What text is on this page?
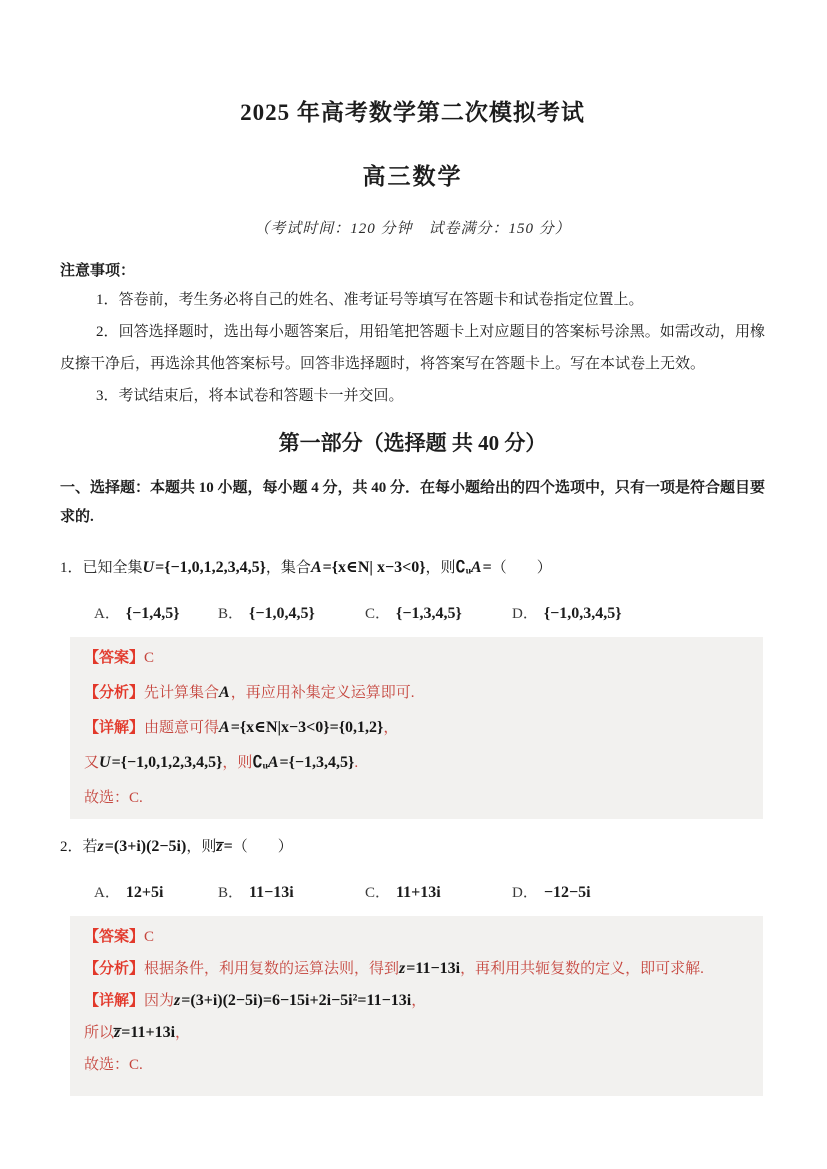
2025 年高考数学第二次模拟考试
高三数学
（考试时间：120 分钟　试卷满分：150 分）
注意事项：

1．答卷前，考生务必将自己的姓名、准考证号等填写在答题卡和试卷指定位置上。

2．回答选择题时，选出每小题答案后，用铅笔把答题卡上对应题目的答案标号涂黑。如需改动，用橡皮擦干净后，再选涂其他答案标号。回答非选择题时，将答案写在答题卡上。写在本试卷上无效。

3．考试结束后，将本试卷和答题卡一并交回。

第一部分（选择题 共 40 分）
一、选择题：本题共 10 小题，每小题 4 分，共 40 分．在每小题给出的四个选项中，只有一项是符合题目要求的.
1．已知全集U={−1,0,1,2,3,4,5}，集合A={x∈N| x−3<0}，则∁ᵤA=（　　）
A． {−1,4,5}	B． {−1,0,4,5}	C． {−1,3,4,5}	D． {−1,0,3,4,5}
【答案】C
【分析】先计算集合A，再应用补集定义运算即可.
【详解】由题意可得A={x∈N|x−3<0}={0,1,2}，
又U={−1,0,1,2,3,4,5}，则∁ᵤA={−1,3,4,5}.
故选：C.
2．若z=(3+i)(2−5i)，则z̅=（　　）
A． 12+5i	B． 11−13i	C． 11+13i	D． −12−5i
【答案】C
【分析】根据条件，利用复数的运算法则，得到z=11−13i，再利用共轭复数的定义，即可求解.
【详解】因为z=(3+i)(2−5i)=6−15i+2i−5i²=11−13i，
所以z̅=11+13i，
故选：C.
